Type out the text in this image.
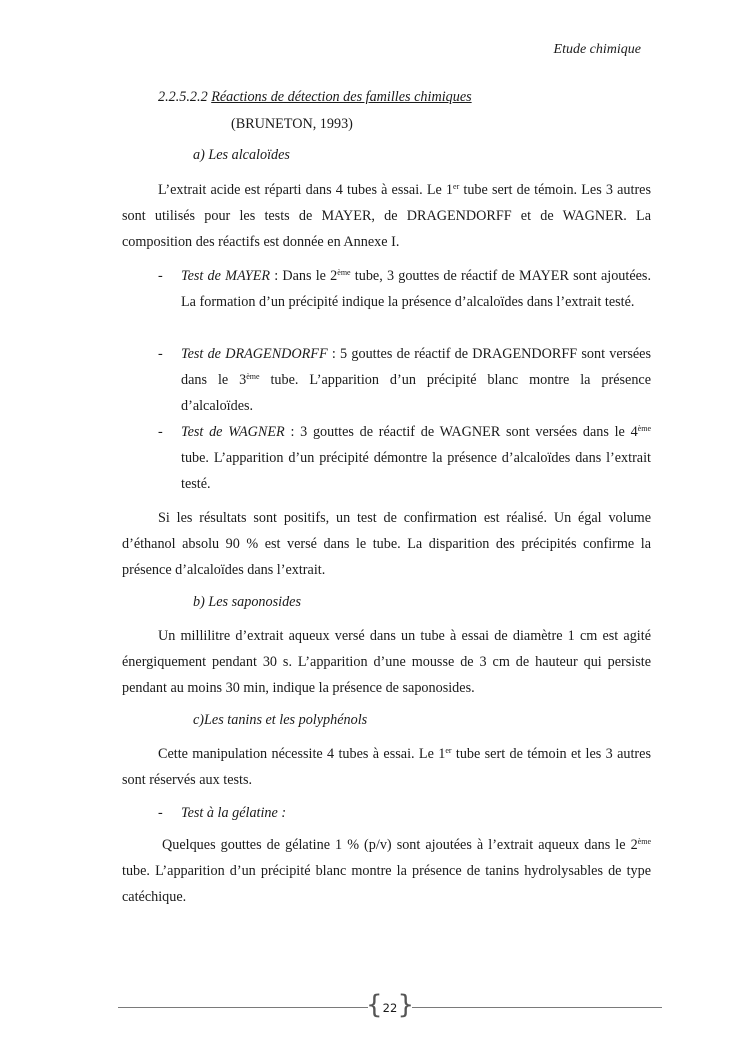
Etude chimique
2.2.5.2.2 Réactions de détection des familles chimiques
(BRUNETON, 1993)
a) Les alcaloïdes
L’extrait acide est réparti dans 4 tubes à essai. Le 1er tube sert de témoin. Les 3 autres sont utilisés pour les tests de MAYER, de DRAGENDORFF et de WAGNER. La composition des réactifs est donnée en Annexe I.
- Test de MAYER : Dans le 2ème tube, 3 gouttes de réactif de MAYER sont ajoutées. La formation d’un précipité indique la présence d’alcaloïdes dans l’extrait testé.
- Test de DRAGENDORFF : 5 gouttes de réactif de DRAGENDORFF sont versées dans le 3ème tube. L’apparition d’un précipité blanc montre la présence d’alcaloïdes.
- Test de WAGNER : 3 gouttes de réactif de WAGNER sont versées dans le 4ème tube. L’apparition d’un précipité démontre la présence d’alcaloïdes dans l’extrait testé.
Si les résultats sont positifs, un test de confirmation est réalisé. Un égal volume d’éthanol absolu 90 % est versé dans le tube. La disparition des précipités confirme la présence d’alcaloïdes dans l’extrait.
b) Les saponosides
Un millilitre d’extrait aqueux versé dans un tube à essai de diamètre 1 cm est agité énergiquement pendant 30 s. L’apparition d’une mousse de 3 cm de hauteur qui persiste pendant au moins 30 min, indique la présence de saponosides.
c)Les tanins et les polyphénols
Cette manipulation nécessite 4 tubes à essai. Le 1er tube sert de témoin et les 3 autres sont réservés aux tests.
- Test à la gélatine :
Quelques gouttes de gélatine 1 % (p/v) sont ajoutées à l’extrait aqueux dans le 2ème tube. L’apparition d’un précipité blanc montre la présence de tanins hydrolysables de type catéchique.
{ 22 }
